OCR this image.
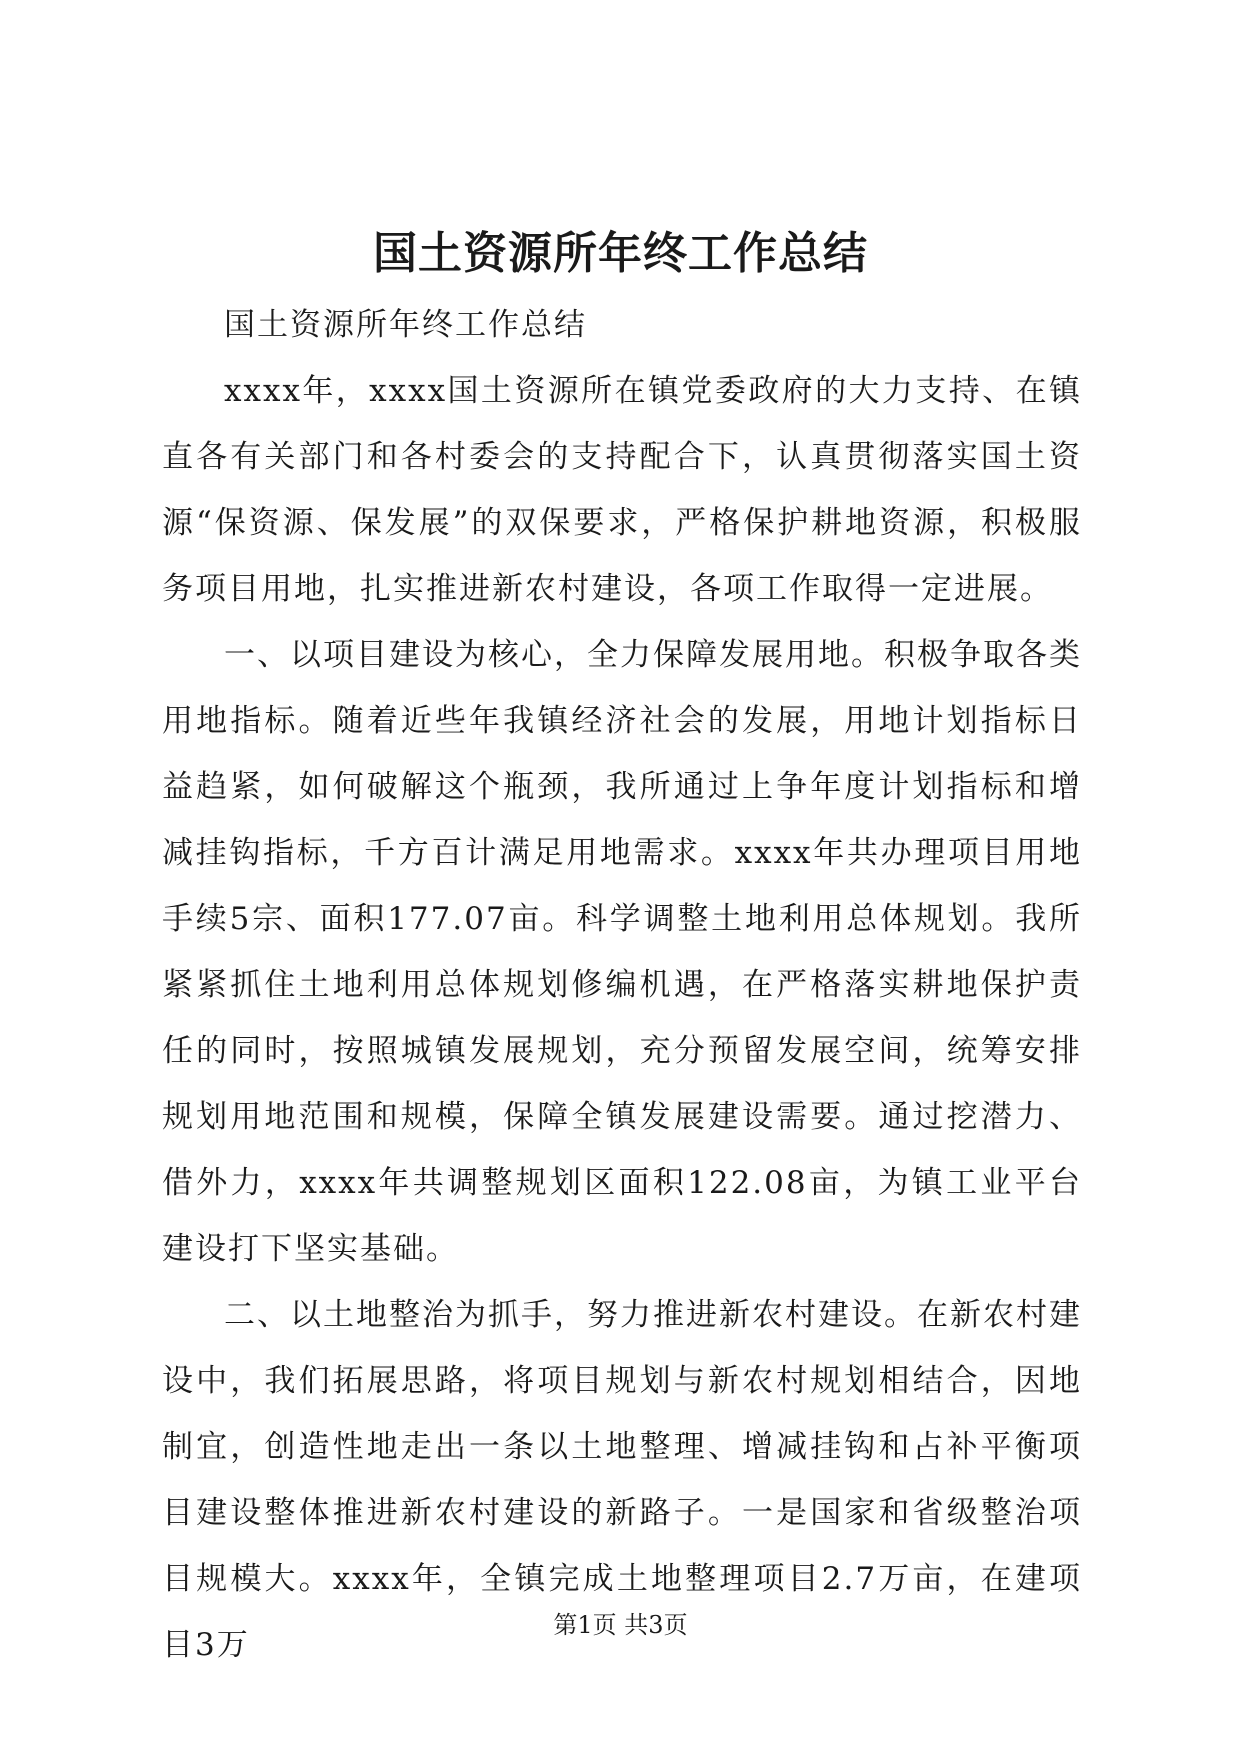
国土资源所年终工作总结

国土资源所年终工作总结

xxxx年，xxxx国土资源所在镇党委政府的大力支持、在镇直各有关部门和各村委会的支持配合下，认真贯彻落实国土资源“保资源、保发展”的双保要求，严格保护耕地资源，积极服务项目用地，扎实推进新农村建设，各项工作取得一定进展。

一、以项目建设为核心，全力保障发展用地。积极争取各类用地指标。随着近些年我镇经济社会的发展，用地计划指标日益趋紧，如何破解这个瓶颈，我所通过上争年度计划指标和增减挂钩指标，千方百计满足用地需求。xxxx年共办理项目用地手续5宗、面积177.07亩。科学调整土地利用总体规划。我所紧紧抓住土地利用总体规划修编机遇，在严格落实耕地保护责任的同时，按照城镇发展规划，充分预留发展空间，统筹安排规划用地范围和规模，保障全镇发展建设需要。通过挖潜力、借外力，xxxx年共调整规划区面积122.08亩，为镇工业平台建设打下坚实基础。

二、以土地整治为抓手，努力推进新农村建设。在新农村建设中，我们拓展思路，将项目规划与新农村规划相结合，因地制宜，创造性地走出一条以土地整理、增减挂钩和占补平衡项目建设整体推进新农村建设的新路子。一是国家和省级整治项目规模大。xxxx年，全镇完成土地整理项目2.7万亩，在建项目3万

第1页 共3页
